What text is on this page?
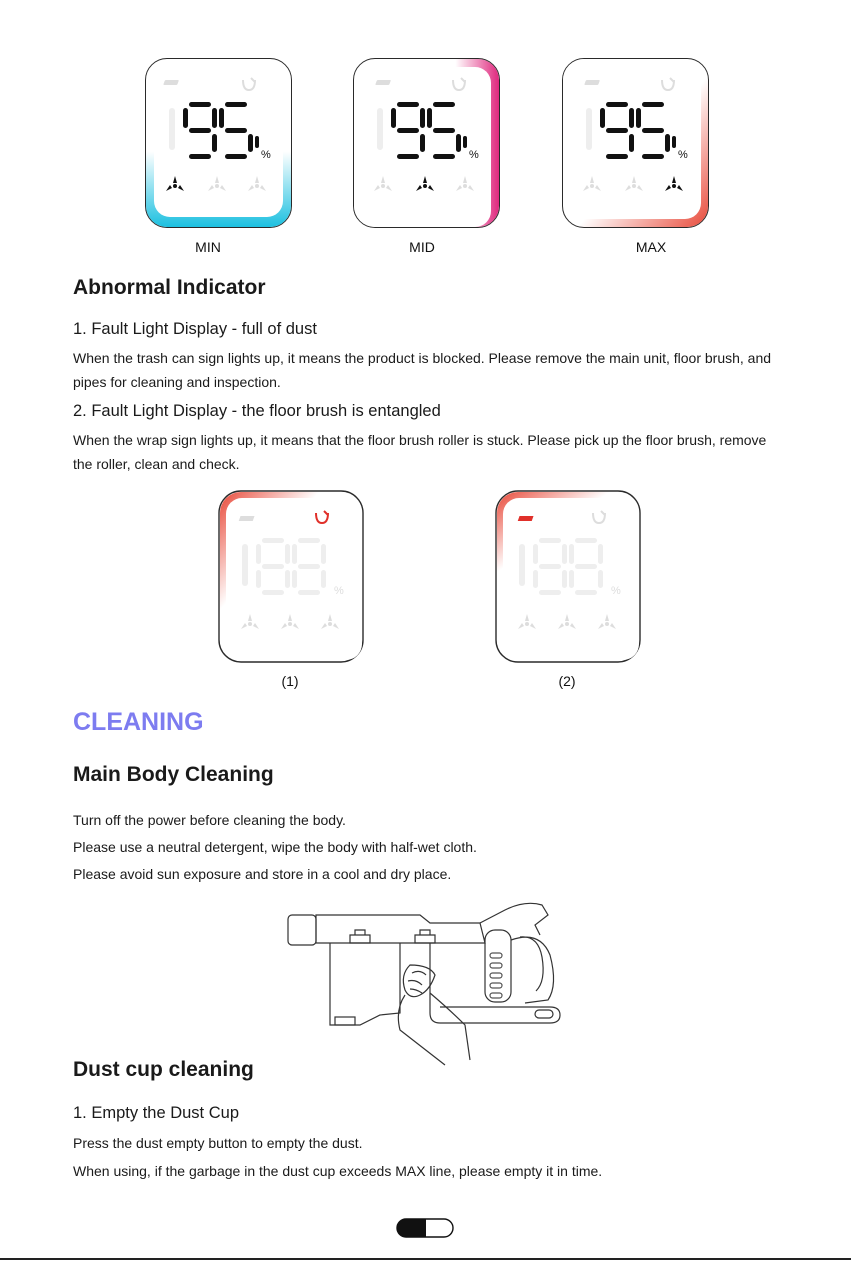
%	%	%
MIN	MID	MAX
Abnormal Indicator
1. Fault Light Display - full of dust

When the trash can sign lights up, it means the product is blocked. Please remove the main unit, floor brush, and pipes for cleaning and inspection.

2. Fault Light Display - the floor brush is entangled

When the wrap sign lights up, it means that the floor brush roller is stuck. Please pick up the floor brush, remove the roller, clean and check.

%	%
(1)	(2)
CLEANING
Main Body Cleaning

Turn off the power before cleaning the body.

Please use a neutral detergent, wipe the body with half-wet cloth.

Please avoid sun exposure and store in a cool and dry place.

Dust cup cleaning
1. Empty the Dust Cup

Press the dust empty button to empty the dust.

When using, if the garbage in the dust cup exceeds MAX line, please empty it in time.
